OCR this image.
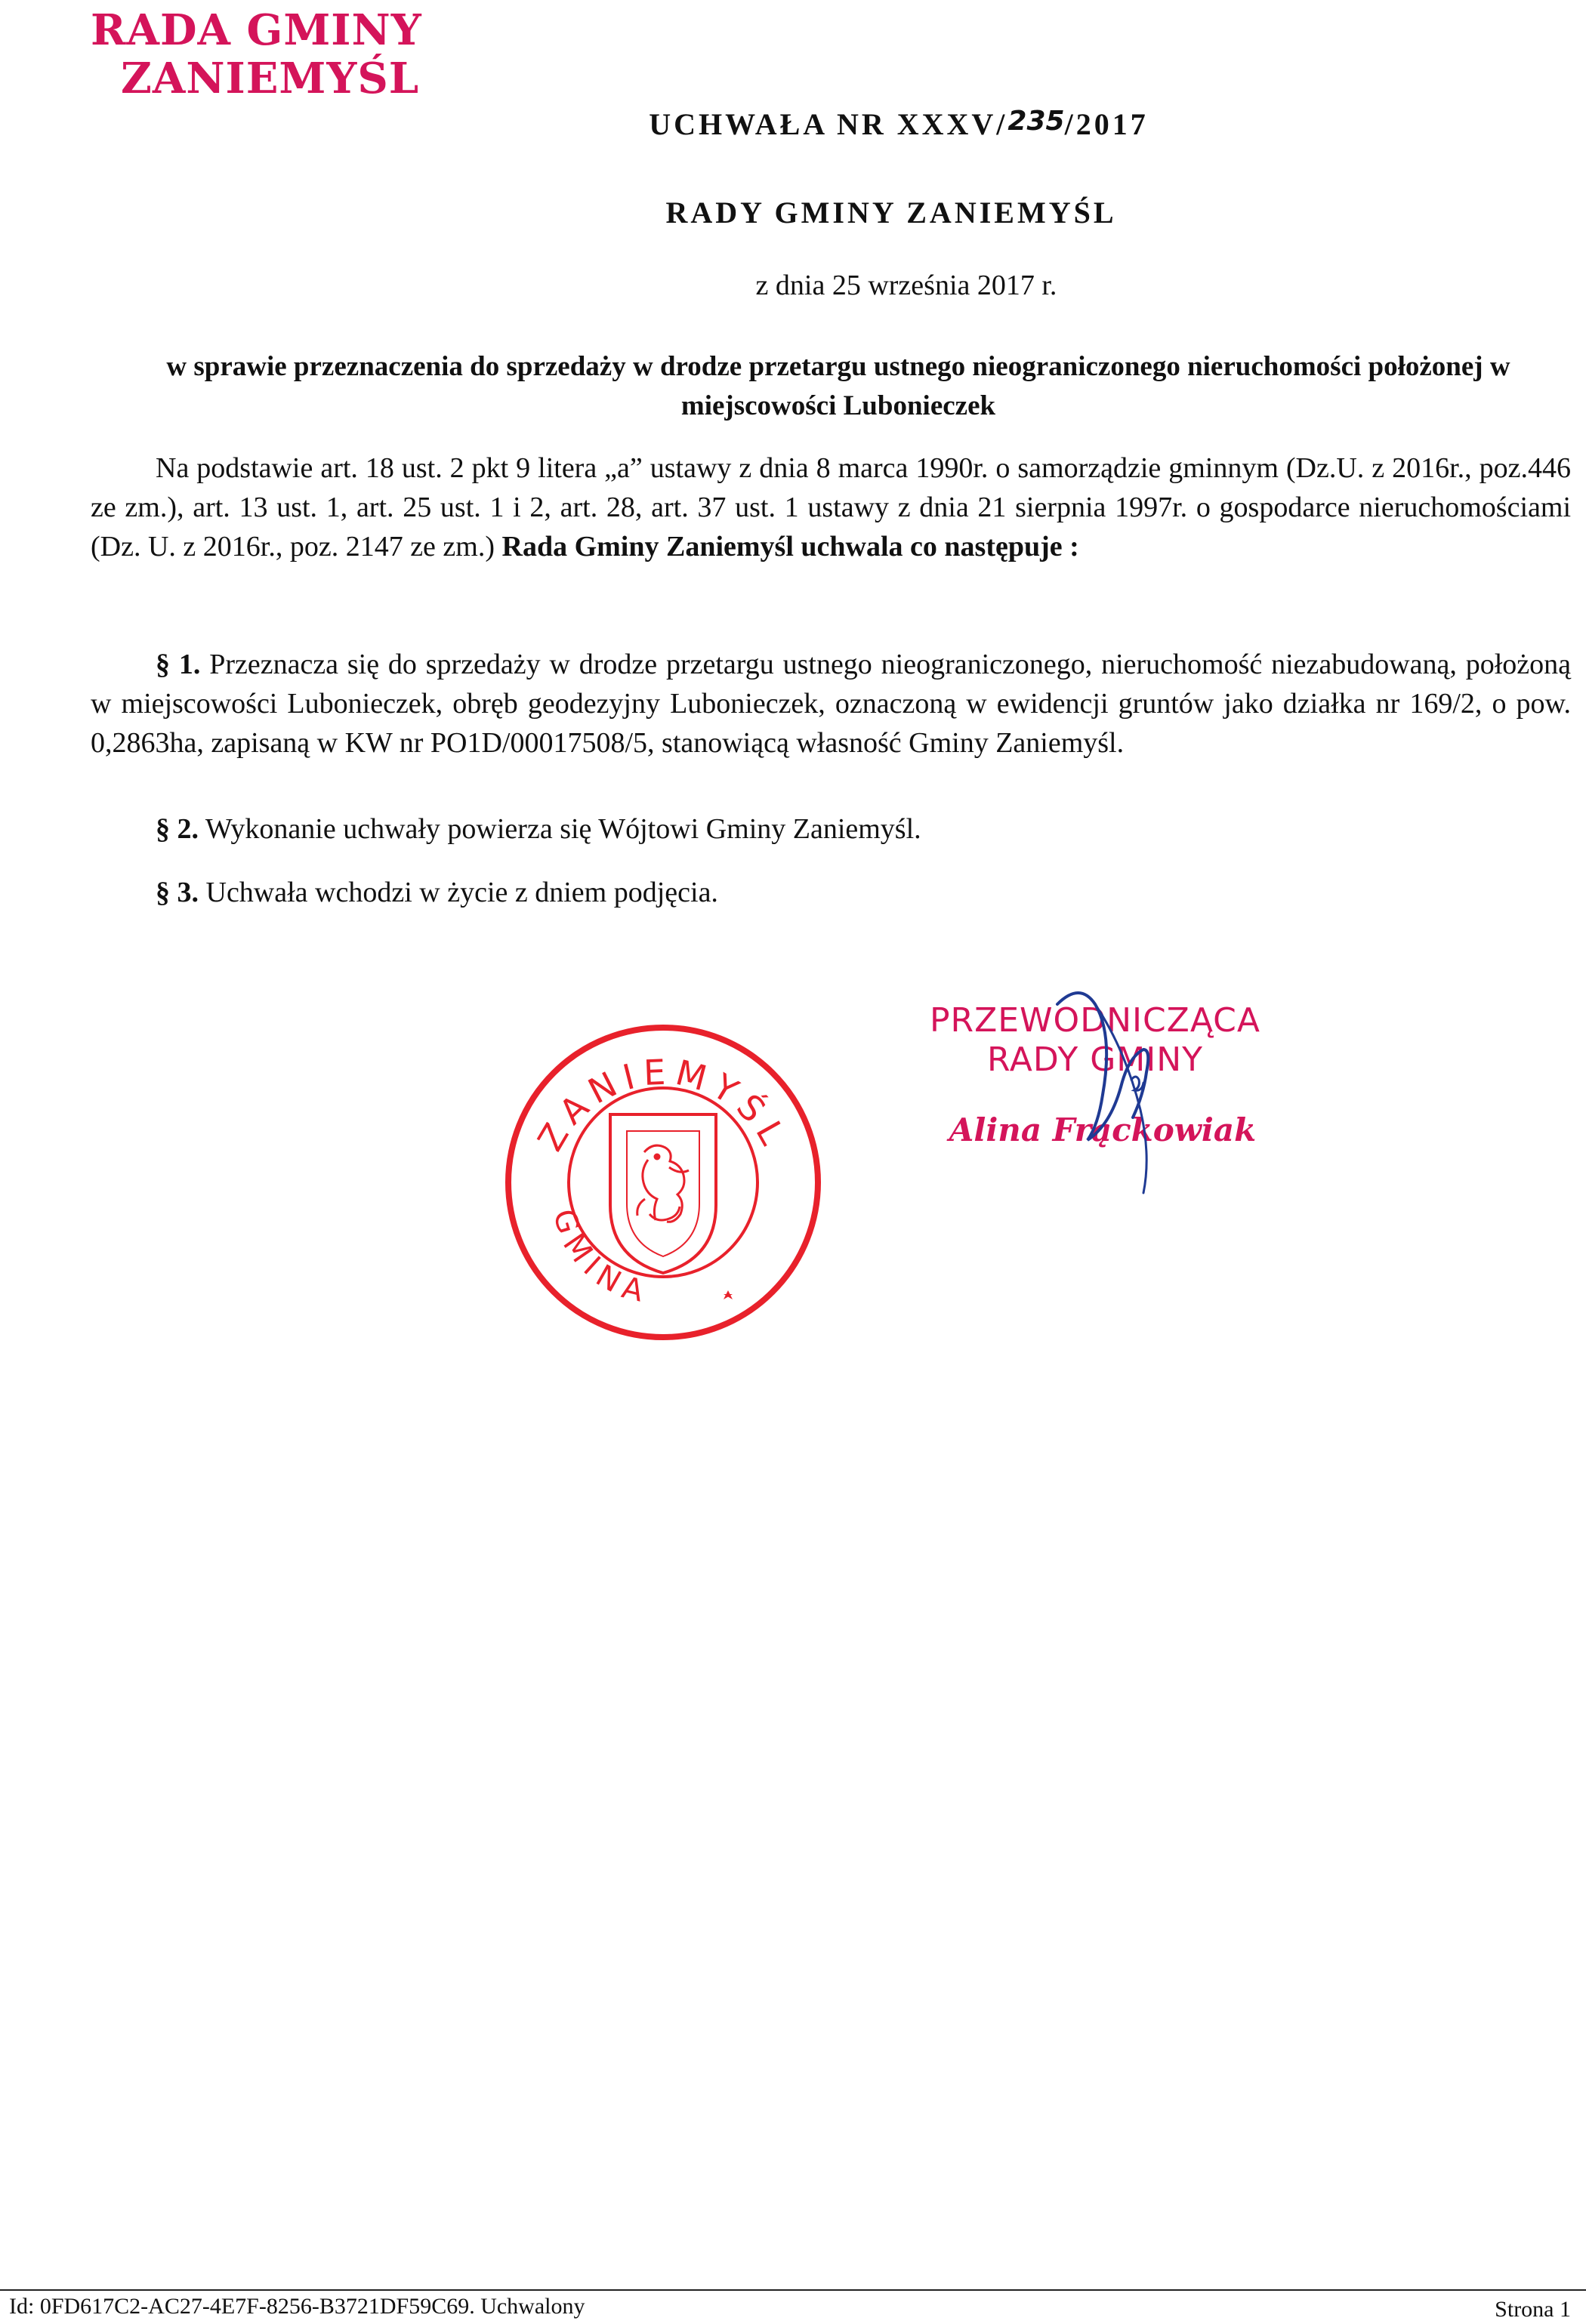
RADA GMINY
ZANIEMYŚL
UCHWAŁA NR XXXV/235/2017
RADY GMINY ZANIEMYŚL
z dnia 25 września 2017 r.
w sprawie przeznaczenia do sprzedaży w drodze przetargu ustnego nieograniczonego nieruchomości położonej w miejscowości Lubonieczek
Na podstawie art. 18 ust. 2 pkt 9 litera „a” ustawy z dnia 8 marca 1990r. o samorządzie gminnym (Dz.U. z 2016r., poz.446 ze zm.), art. 13 ust. 1, art. 25 ust. 1 i 2, art. 28, art. 37 ust. 1 ustawy z dnia 21 sierpnia 1997r. o gospodarce nieruchomościami (Dz. U. z 2016r., poz. 2147 ze zm.) Rada Gminy Zaniemyśl uchwala co następuje :
§ 1. Przeznacza się do sprzedaży w drodze przetargu ustnego nieograniczonego, nieruchomość niezabudowaną, położoną w miejscowości Lubonieczek, obręb geodezyjny Lubonieczek, oznaczoną w ewidencji gruntów jako działka nr 169/2, o pow. 0,2863ha, zapisaną w KW nr PO1D/00017508/5, stanowiącą własność Gminy Zaniemyśl.
§ 2. Wykonanie uchwały powierza się Wójtowi Gminy Zaniemyśl.
§ 3. Uchwała wchodzi w życie z dniem podjęcia.
ZANIEMYŚL
GMINA
PRZEWODNICZĄCA
RADY GMINY
Alina Frąckowiak
Id: 0FD617C2-AC27-4E7F-8256-B3721DF59C69. Uchwalony	Strona 1
